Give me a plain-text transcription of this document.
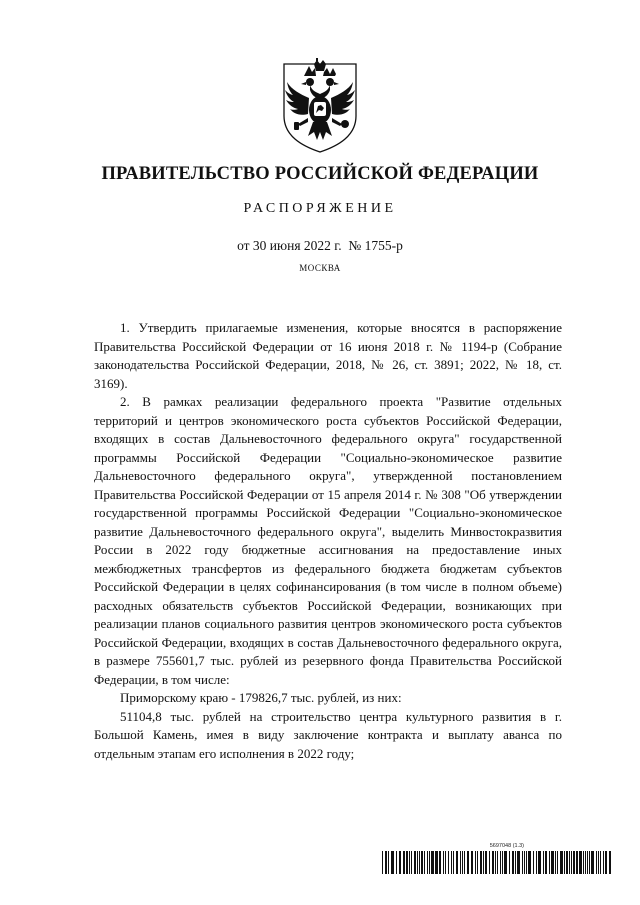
ПРАВИТЕЛЬСТВО РОССИЙСКОЙ ФЕДЕРАЦИИ
РАСПОРЯЖЕНИЕ
от 30 июня 2022 г.  № 1755-р
МОСКВА

1. Утвердить прилагаемые изменения, которые вносятся в распоряжение Правительства Российской Федерации от 16 июня 2018 г. № 1194-р (Собрание законодательства Российской Федерации, 2018, № 26, ст. 3891; 2022, № 18, ст. 3169).

2. В рамках реализации федерального проекта "Развитие отдельных территорий и центров экономического роста субъектов Российской Федерации, входящих в состав Дальневосточного федерального округа" государственной программы Российской Федерации "Социально-экономическое развитие Дальневосточного федерального округа", утвержденной постановлением Правительства Российской Федерации от 15 апреля 2014 г. № 308 "Об утверждении государственной программы Российской Федерации "Социально-экономическое развитие Дальневосточного федерального округа", выделить Минвостокразвития России в 2022 году бюджетные ассигнования на предоставление иных межбюджетных трансфертов из федерального бюджета бюджетам субъектов Российской Федерации в целях софинансирования (в том числе в полном объеме) расходных обязательств субъектов Российской Федерации, возникающих при реализации планов социального развития центров экономического роста субъектов Российской Федерации, входящих в состав Дальневосточного федерального округа, в размере 755601,7 тыс. рублей из резервного фонда Правительства Российской Федерации, в том числе:

Приморскому краю - 179826,7 тыс. рублей, из них:

51104,8 тыс. рублей на строительство центра культурного развития в г. Большой Камень, имея в виду заключение контракта и выплату аванса по отдельным этапам его исполнения в 2022 году;

5697048 (1.3)
